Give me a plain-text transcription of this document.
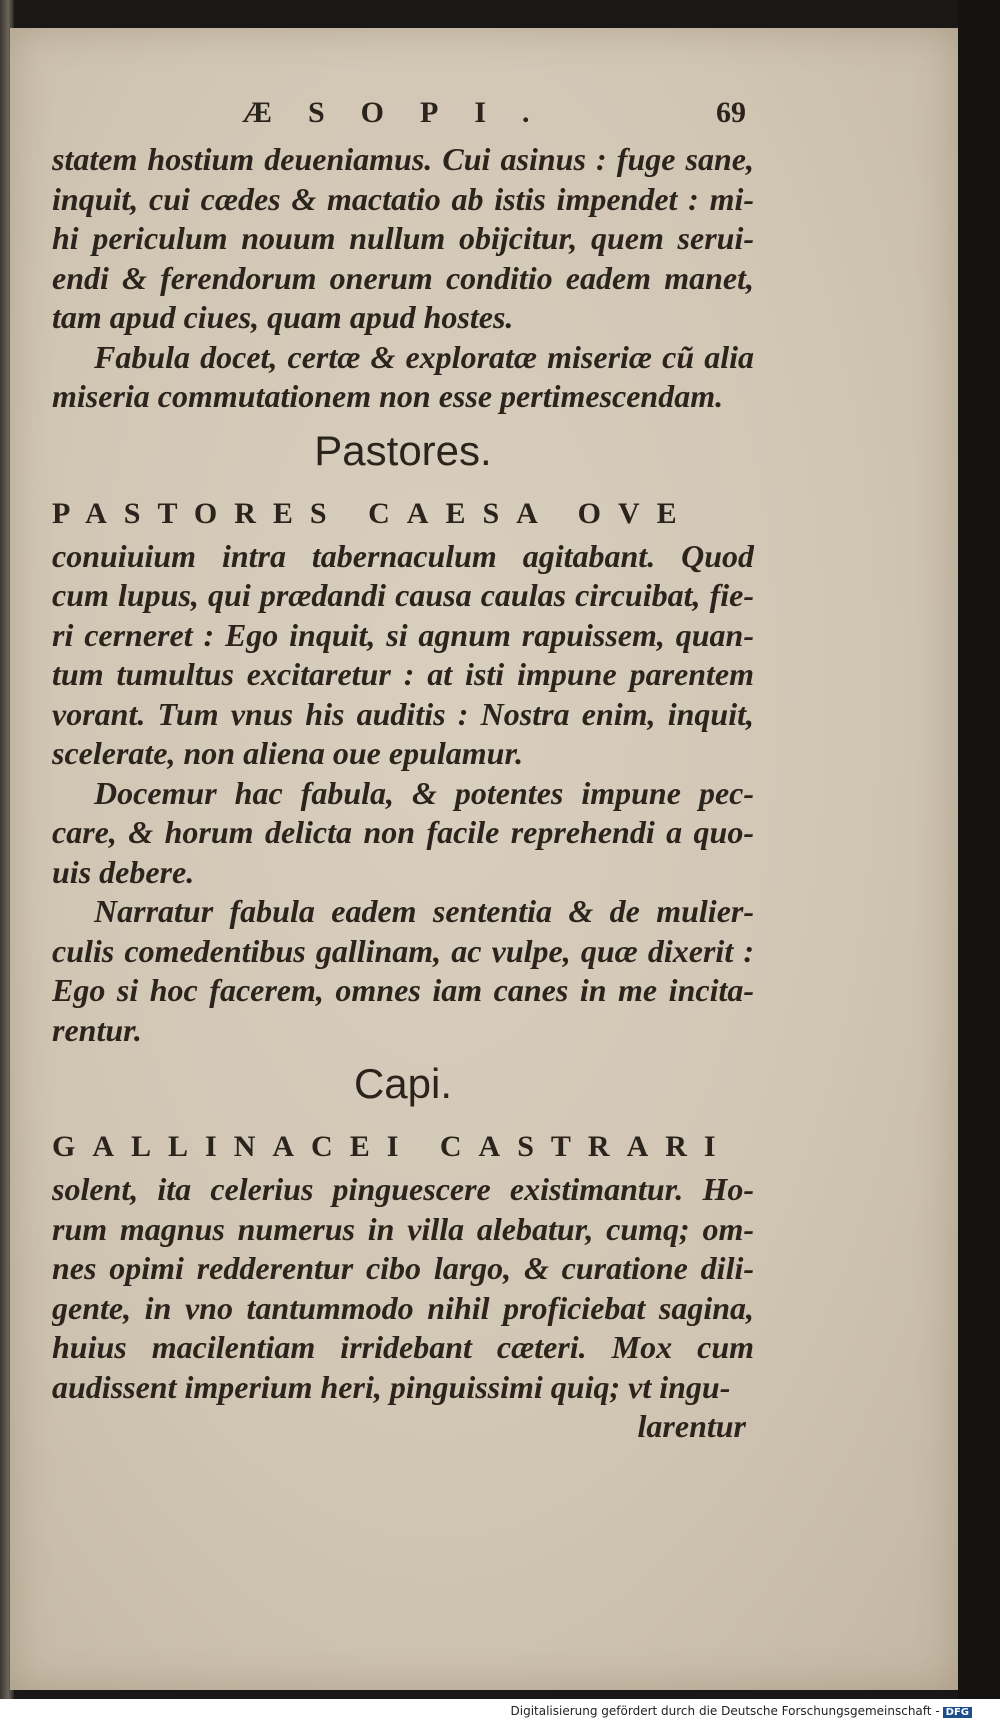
ÆSOPI.	69

statem hostium deueniamus. Cui asinus : fuge sane,
inquit, cui cædes & mactatio ab istis impendet : mi-
hi periculum nouum nullum obijcitur, quem serui-
endi & ferendorum onerum conditio eadem manet,
tam apud ciues, quam apud hostes.

Fabula docet, certæ & exploratæ miseriæ cũ alia
miseria commutationem non esse pertimescendam.

Pastores.

PASTORES CAESA OVE
conuiuium intra tabernaculum agitabant. Quod
cum lupus, qui prædandi causa caulas circuibat, fie-
ri cerneret : Ego inquit, si agnum rapuissem, quan-
tum tumultus excitaretur : at isti impune parentem
vorant. Tum vnus his auditis : Nostra enim, inquit,
scelerate, non aliena oue epulamur.

Docemur hac fabula, & potentes impune pec-
care, & horum delicta non facile reprehendi a quo-
uis debere.

Narratur fabula eadem sententia & de mulier-
culis comedentibus gallinam, ac vulpe, quæ dixerit :
Ego si hoc facerem, omnes iam canes in me incita-
rentur.

Capi.

GALLINACEI CASTRARI
solent, ita celerius pinguescere existimantur. Ho-
rum magnus numerus in villa alebatur, cumq; om-
nes opimi redderentur cibo largo, & curatione dili-
gente, in vno tantummodo nihil proficiebat sagina,
huius macilentiam irridebant cæteri. Mox cum
audissent imperium heri, pinguissimi quiq; vt ingu-

larentur
Digitalisierung gefördert durch die Deutsche Forschungsgemeinschaft - DFG
